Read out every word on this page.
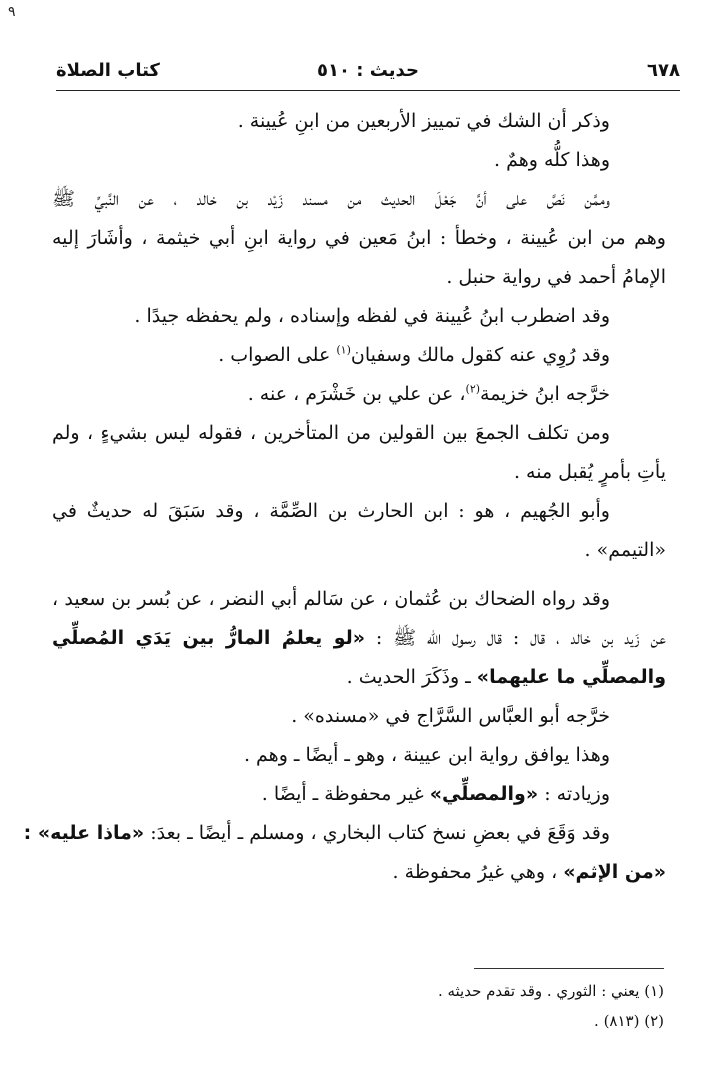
٩
٦٧٨
حديث : ٥١٠
كتاب الصلاة
وذكر أن الشك في تمييز الأربعين من ابنِ عُيينة .
وهذا كلُّه وهمٌ .
وممَّن نَصَّ على أنَّ جَعْلَ الحديث من مسند زَيْد بن خالد ، عن النَّبيِّ ﷺ
وهم من ابن عُيينة ، وخطأ : ابنُ مَعين في رواية ابنِ أبي خيثمة ، وأشَارَ إليه
الإمامُ أحمد في رواية حنبل .
وقد اضطرب ابنُ عُيينة في لفظه وإسناده ، ولم يحفظه جيدًا .
وقد رُوِي عنه كقول مالك وسفيان$^{(١)}$ على الصواب .
خرَّجه ابنُ خزيمة$^{(٢)}$، عن علي بن خَشْرَم ، عنه .
ومن تكلف الجمعَ بين القولين من المتأخرين ، فقوله ليس بشيءٍ ، ولم
يأتِ بأمرٍ يُقبل منه .
وأبو الجُهيم ، هو : ابن الحارث بن الصِّمَّة ، وقد سَبَقَ له حديثٌ في
«التيمم» .
وقد رواه الضحاك بن عُثمان ، عن سَالم أبي النضر ، عن بُسر بن سعيد ،
عن زَيد بن خالد ، قال : قال رسول الله ﷺ : «لو يعلمُ المارُّ بين يَدَي المُصلِّي
والمصلِّي ما عليهما» ـ وذَكَرَ الحديث .
خرَّجه أبو العبَّاس السَّرَّاج في «مسنده» .
وهذا يوافق رواية ابن عيينة ، وهو ـ أيضًا ـ وهم .
وزيادته : «والمصلِّي» غير محفوظة ـ أيضًا .
وقد وَقَعَ في بعضِ نسخ كتاب البخاري ، ومسلم ـ أيضًا ـ بعدَ: «ماذا عليه» :
«من الإثم» ، وهي غيرُ محفوظة .
(١) يعني : الثوري . وقد تقدم حديثه .
(٢) (٨١٣) .
